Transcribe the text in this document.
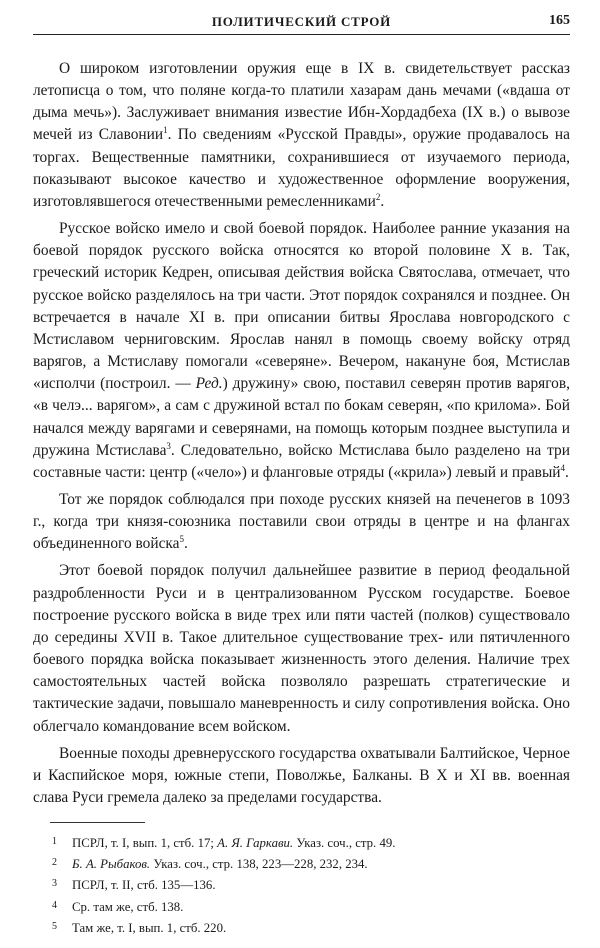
ПОЛИТИЧЕСКИЙ СТРОЙ	165

О широком изготовлении оружия еще в IX в. свидетельствует рассказ летописца о том, что поляне когда-то платили хазарам дань мечами («вдаша от дыма мечь»). Заслуживает внимания известие Ибн-Хордадбеха (IX в.) о вывозе мечей из Славонии$^1$. По сведениям «Русской Правды», оружие продавалось на торгах. Вещественные памятники, сохранившиеся от изучаемого периода, показывают высокое качество и художественное оформление вооружения, изготовлявшегося отечественными ремесленниками$^2$.

Русское войско имело и свой боевой порядок. Наиболее ранние указания на боевой порядок русского войска относятся ко второй половине X в. Так, греческий историк Кедрен, описывая действия войска Святослава, отмечает, что русское войско разделялось на три части. Этот порядок сохранялся и позднее. Он встречается в начале XI в. при описании битвы Ярослава новгородского с Мстиславом черниговским. Ярослав нанял в помощь своему войску отряд варягов, а Мстиславу помогали «северяне». Вечером, накануне боя, Мстислав «исполчи (построил. — Ред.) дружину» свою, поставил северян против варягов, «в челэ... варягом», а сам с дружиной встал по бокам северян, «по крилома». Бой начался между варягами и северянами, на помощь которым позднее выступила и дружина Мстислава$^3$. Следовательно, войско Мстислава было разделено на три составные части: центр («чело») и фланговые отряды («крила») левый и правый$^4$.

Тот же порядок соблюдался при походе русских князей на печенегов в 1093 г., когда три князя-союзника поставили свои отряды в центре и на флангах объединенного войска$^5$.

Этот боевой порядок получил дальнейшее развитие в период феодальной раздробленности Руси и в централизованном Русском государстве. Боевое построение русского войска в виде трех или пяти частей (полков) существовало до середины XVII в. Такое длительное существование трех- или пятичленного боевого порядка войска показывает жизненность этого деления. Наличие трех самостоятельных частей войска позволяло разрешать стратегические и тактические задачи, повышало маневренность и силу сопротивления войска. Оно облегчало командование всем войском.

Военные походы древнерусского государства охватывали Балтийское, Черное и Каспийское моря, южные степи, Поволжье, Балканы. В X и XI вв. военная слава Руси гремела далеко за пределами государства.

1 ПСРЛ, т. I, вып. 1, стб. 17; А. Я. Гаркави. Указ. соч., стр. 49.
2 Б. А. Рыбаков. Указ. соч., стр. 138, 223—228, 232, 234.
3 ПСРЛ, т. II, стб. 135—136.
4 Ср. там же, стб. 138.
5 Там же, т. I, вып. 1, стб. 220.
